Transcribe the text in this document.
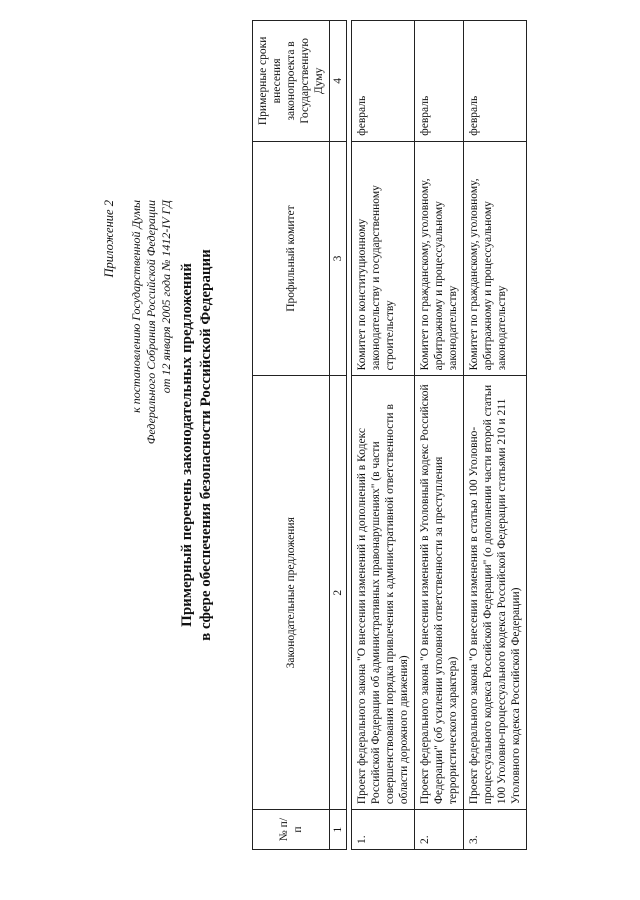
Приложение 2 к постановлению Государственной Думы Федерального Собрания Российской Федерации от 12 января 2005 года № 1412-IV ГД Примерный перечень законодательных предложений в сфере обеспечения безопасности Российской Федерации
№ п/п	Законодательные предложения	Профильный комитет	Примерные сроки внесения законопроекта в Государственную Думу
1	2	3	4

1.	Проект федерального закона "О внесении изменений и дополнений в Кодекс Российской Федерации об административных правонарушениях" (в части совершенствования порядка привлечения к административной ответственности в области дорожного движения)	Комитет по конституционному законодательству и государственному строительству	февраль
2.	Проект федерального закона "О внесении изменений в Уголовный кодекс Российской Федерации" (об усилении уголовной ответственности за преступления террористического характера)	Комитет по гражданскому, уголовному, арбитражному и процессуальному законодательству	февраль
3.	Проект федерального закона "О внесении изменения в статью 100 Уголовно-процессуального кодекса Российской Федерации" (о дополнении части второй статьи 100 Уголовно-процессуального кодекса Российской Федерации статьями 210 и 211 Уголовного кодекса Российской Федерации)	Комитет по гражданскому, уголовному, арбитражному и процессуальному законодательству	февраль
